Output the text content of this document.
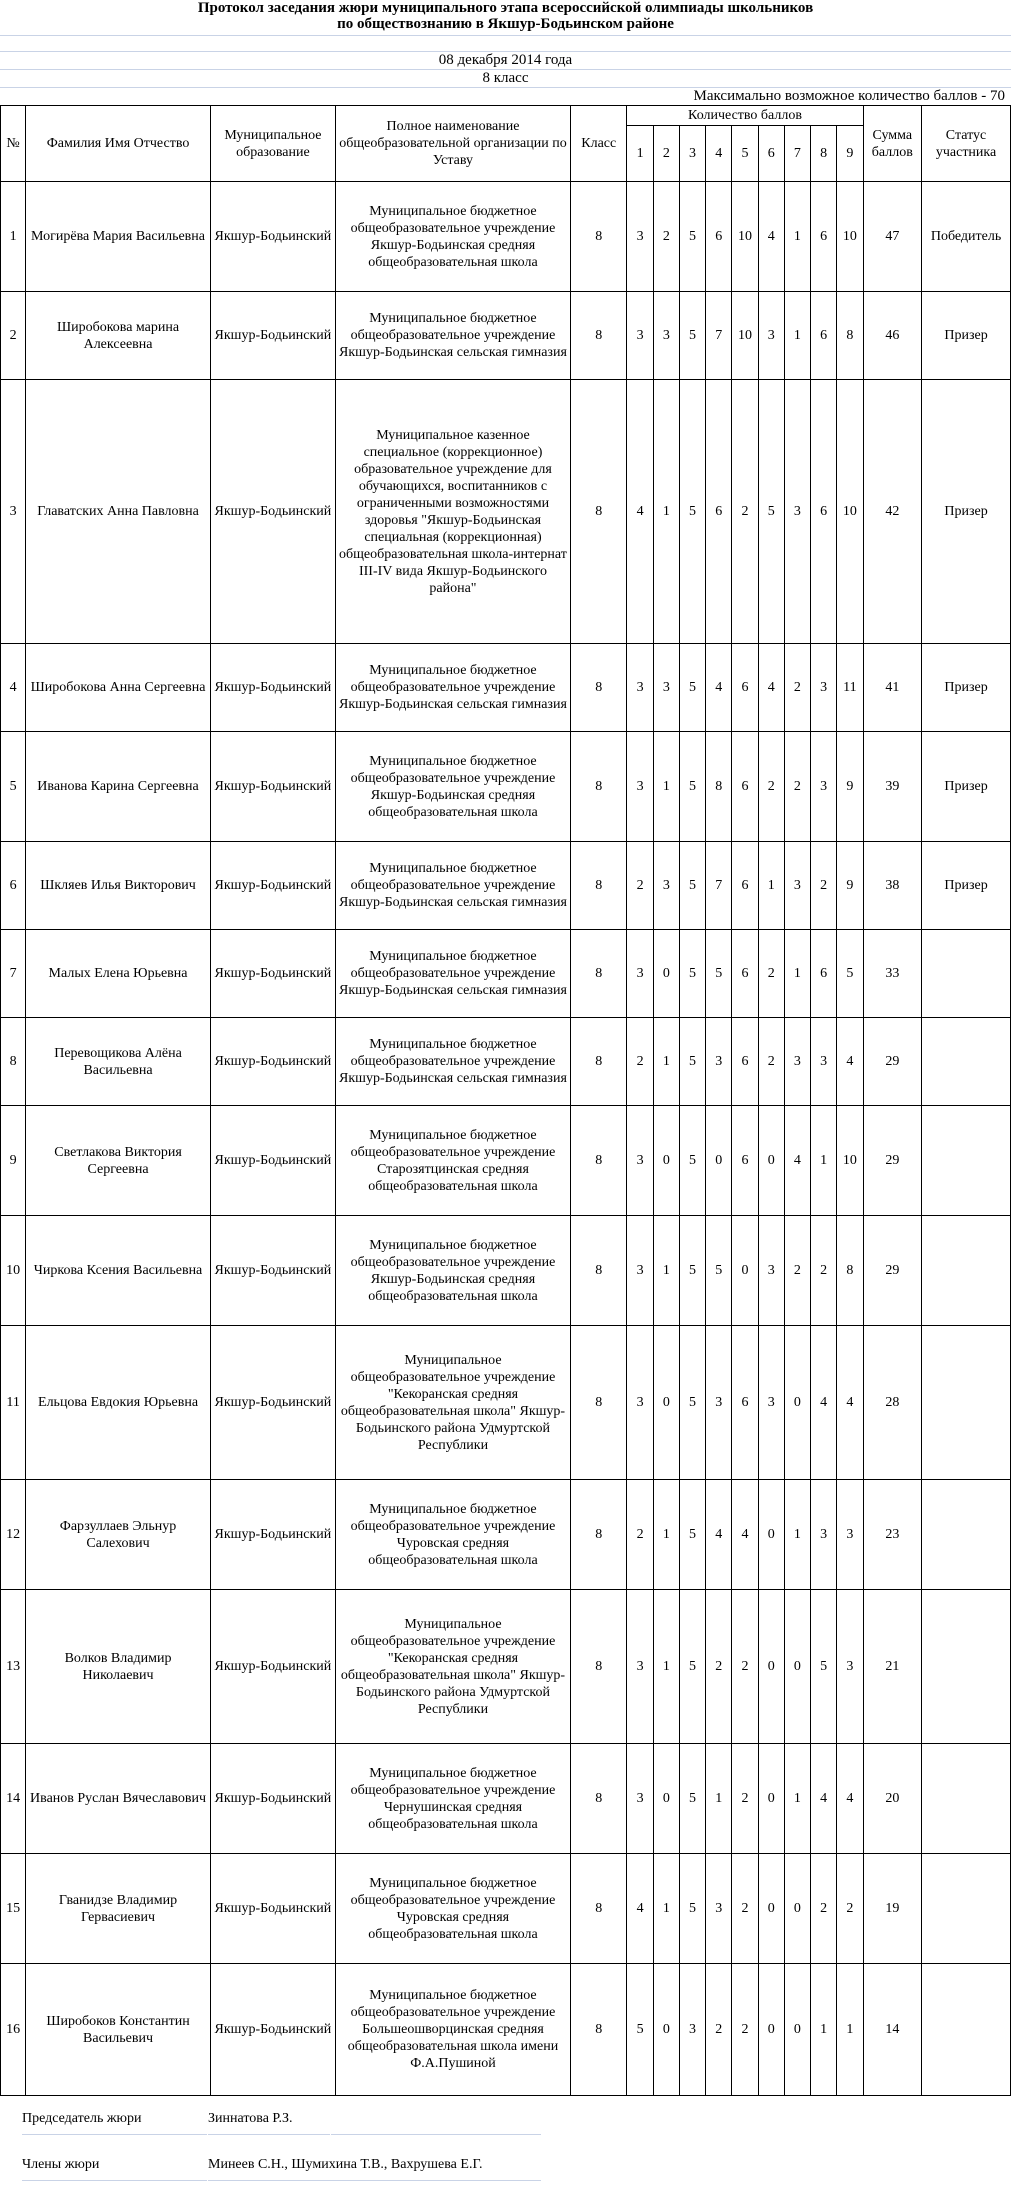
Протокол заседания жюри муниципального этапа всероссийской олимпиады школьников
по обществознанию в Якшур-Бодьинском районе
08 декабря 2014 года
8 класс
Максимально возможное количество баллов - 70
№	Фамилия Имя Отчество	Муниципальное образование	Полное наименование общеобразовательной организации по Уставу	Класс	Количество баллов									Сумма баллов	Статус участника
					1	2	3	4	5	6	7	8	9		
1	Могирёва Мария Васильевна	Якшур-Бодьинский	Муниципальное бюджетное общеобразовательное учреждение Якшур-Бодьинская средняя общеобразовательная школа	8	3	2	5	6	10	4	1	6	10	47	Победитель
2	Широбокова марина Алексеевна	Якшур-Бодьинский	Муниципальное бюджетное общеобразовательное учреждение Якшур-Бодьинская сельская гимназия	8	3	3	5	7	10	3	1	6	8	46	Призер
3	Главатских Анна Павловна	Якшур-Бодьинский	Муниципальное казенное специальное (коррекционное) образовательное учреждение для обучающихся, воспитанников с ограниченными возможностями здоровья "Якшур-Бодьинская специальная (коррекционная) общеобразовательная школа-интернат III-IV вида Якшур-Бодьинского района"	8	4	1	5	6	2	5	3	6	10	42	Призер
4	Широбокова Анна Сергеевна	Якшур-Бодьинский	Муниципальное бюджетное общеобразовательное учреждение Якшур-Бодьинская сельская гимназия	8	3	3	5	4	6	4	2	3	11	41	Призер
5	Иванова Карина Сергеевна	Якшур-Бодьинский	Муниципальное бюджетное общеобразовательное учреждение Якшур-Бодьинская средняя общеобразовательная школа	8	3	1	5	8	6	2	2	3	9	39	Призер
6	Шкляев Илья Викторович	Якшур-Бодьинский	Муниципальное бюджетное общеобразовательное учреждение Якшур-Бодьинская сельская гимназия	8	2	3	5	7	6	1	3	2	9	38	Призер
7	Малых Елена Юрьевна	Якшур-Бодьинский	Муниципальное бюджетное общеобразовательное учреждение Якшур-Бодьинская сельская гимназия	8	3	0	5	5	6	2	1	6	5	33	
8	Перевощикова Алёна Васильевна	Якшур-Бодьинский	Муниципальное бюджетное общеобразовательное учреждение Якшур-Бодьинская сельская гимназия	8	2	1	5	3	6	2	3	3	4	29	
9	Светлакова Виктория Сергеевна	Якшур-Бодьинский	Муниципальное бюджетное общеобразовательное учреждение Старозятцинская средняя общеобразовательная школа	8	3	0	5	0	6	0	4	1	10	29	
10	Чиркова Ксения Васильевна	Якшур-Бодьинский	Муниципальное бюджетное общеобразовательное учреждение Якшур-Бодьинская средняя общеобразовательная школа	8	3	1	5	5	0	3	2	2	8	29	
11	Ельцова Евдокия Юрьевна	Якшур-Бодьинский	Муниципальное общеобразовательное учреждение "Кекоранская средняя общеобразовательная школа" Якшур-Бодьинского района Удмуртской Республики	8	3	0	5	3	6	3	0	4	4	28	
12	Фарзуллаев Эльнур Салехович	Якшур-Бодьинский	Муниципальное бюджетное общеобразовательное учреждение Чуровская средняя общеобразовательная школа	8	2	1	5	4	4	0	1	3	3	23	
13	Волков Владимир Николаевич	Якшур-Бодьинский	Муниципальное общеобразовательное учреждение "Кекоранская средняя общеобразовательная школа" Якшур-Бодьинского района Удмуртской Республики	8	3	1	5	2	2	0	0	5	3	21	
14	Иванов Руслан Вячеславович	Якшур-Бодьинский	Муниципальное бюджетное общеобразовательное учреждение Чернушинская средняя общеобразовательная школа	8	3	0	5	1	2	0	1	4	4	20	
15	Гванидзе Владимир Гервасиевич	Якшур-Бодьинский	Муниципальное бюджетное общеобразовательное учреждение Чуровская средняя общеобразовательная школа	8	4	1	5	3	2	0	0	2	2	19	
16	Широбоков Константин Васильевич	Якшур-Бодьинский	Муниципальное бюджетное общеобразовательное учреждение Большеошворцинская средняя общеобразовательная школа имени Ф.А.Пушиной	8	5	0	3	2	2	0	0	1	1	14	
Председатель жюри	Зиннатова Р.З.
Члены жюри	Минеев С.Н., Шумихина Т.В., Вахрушева Е.Г.
